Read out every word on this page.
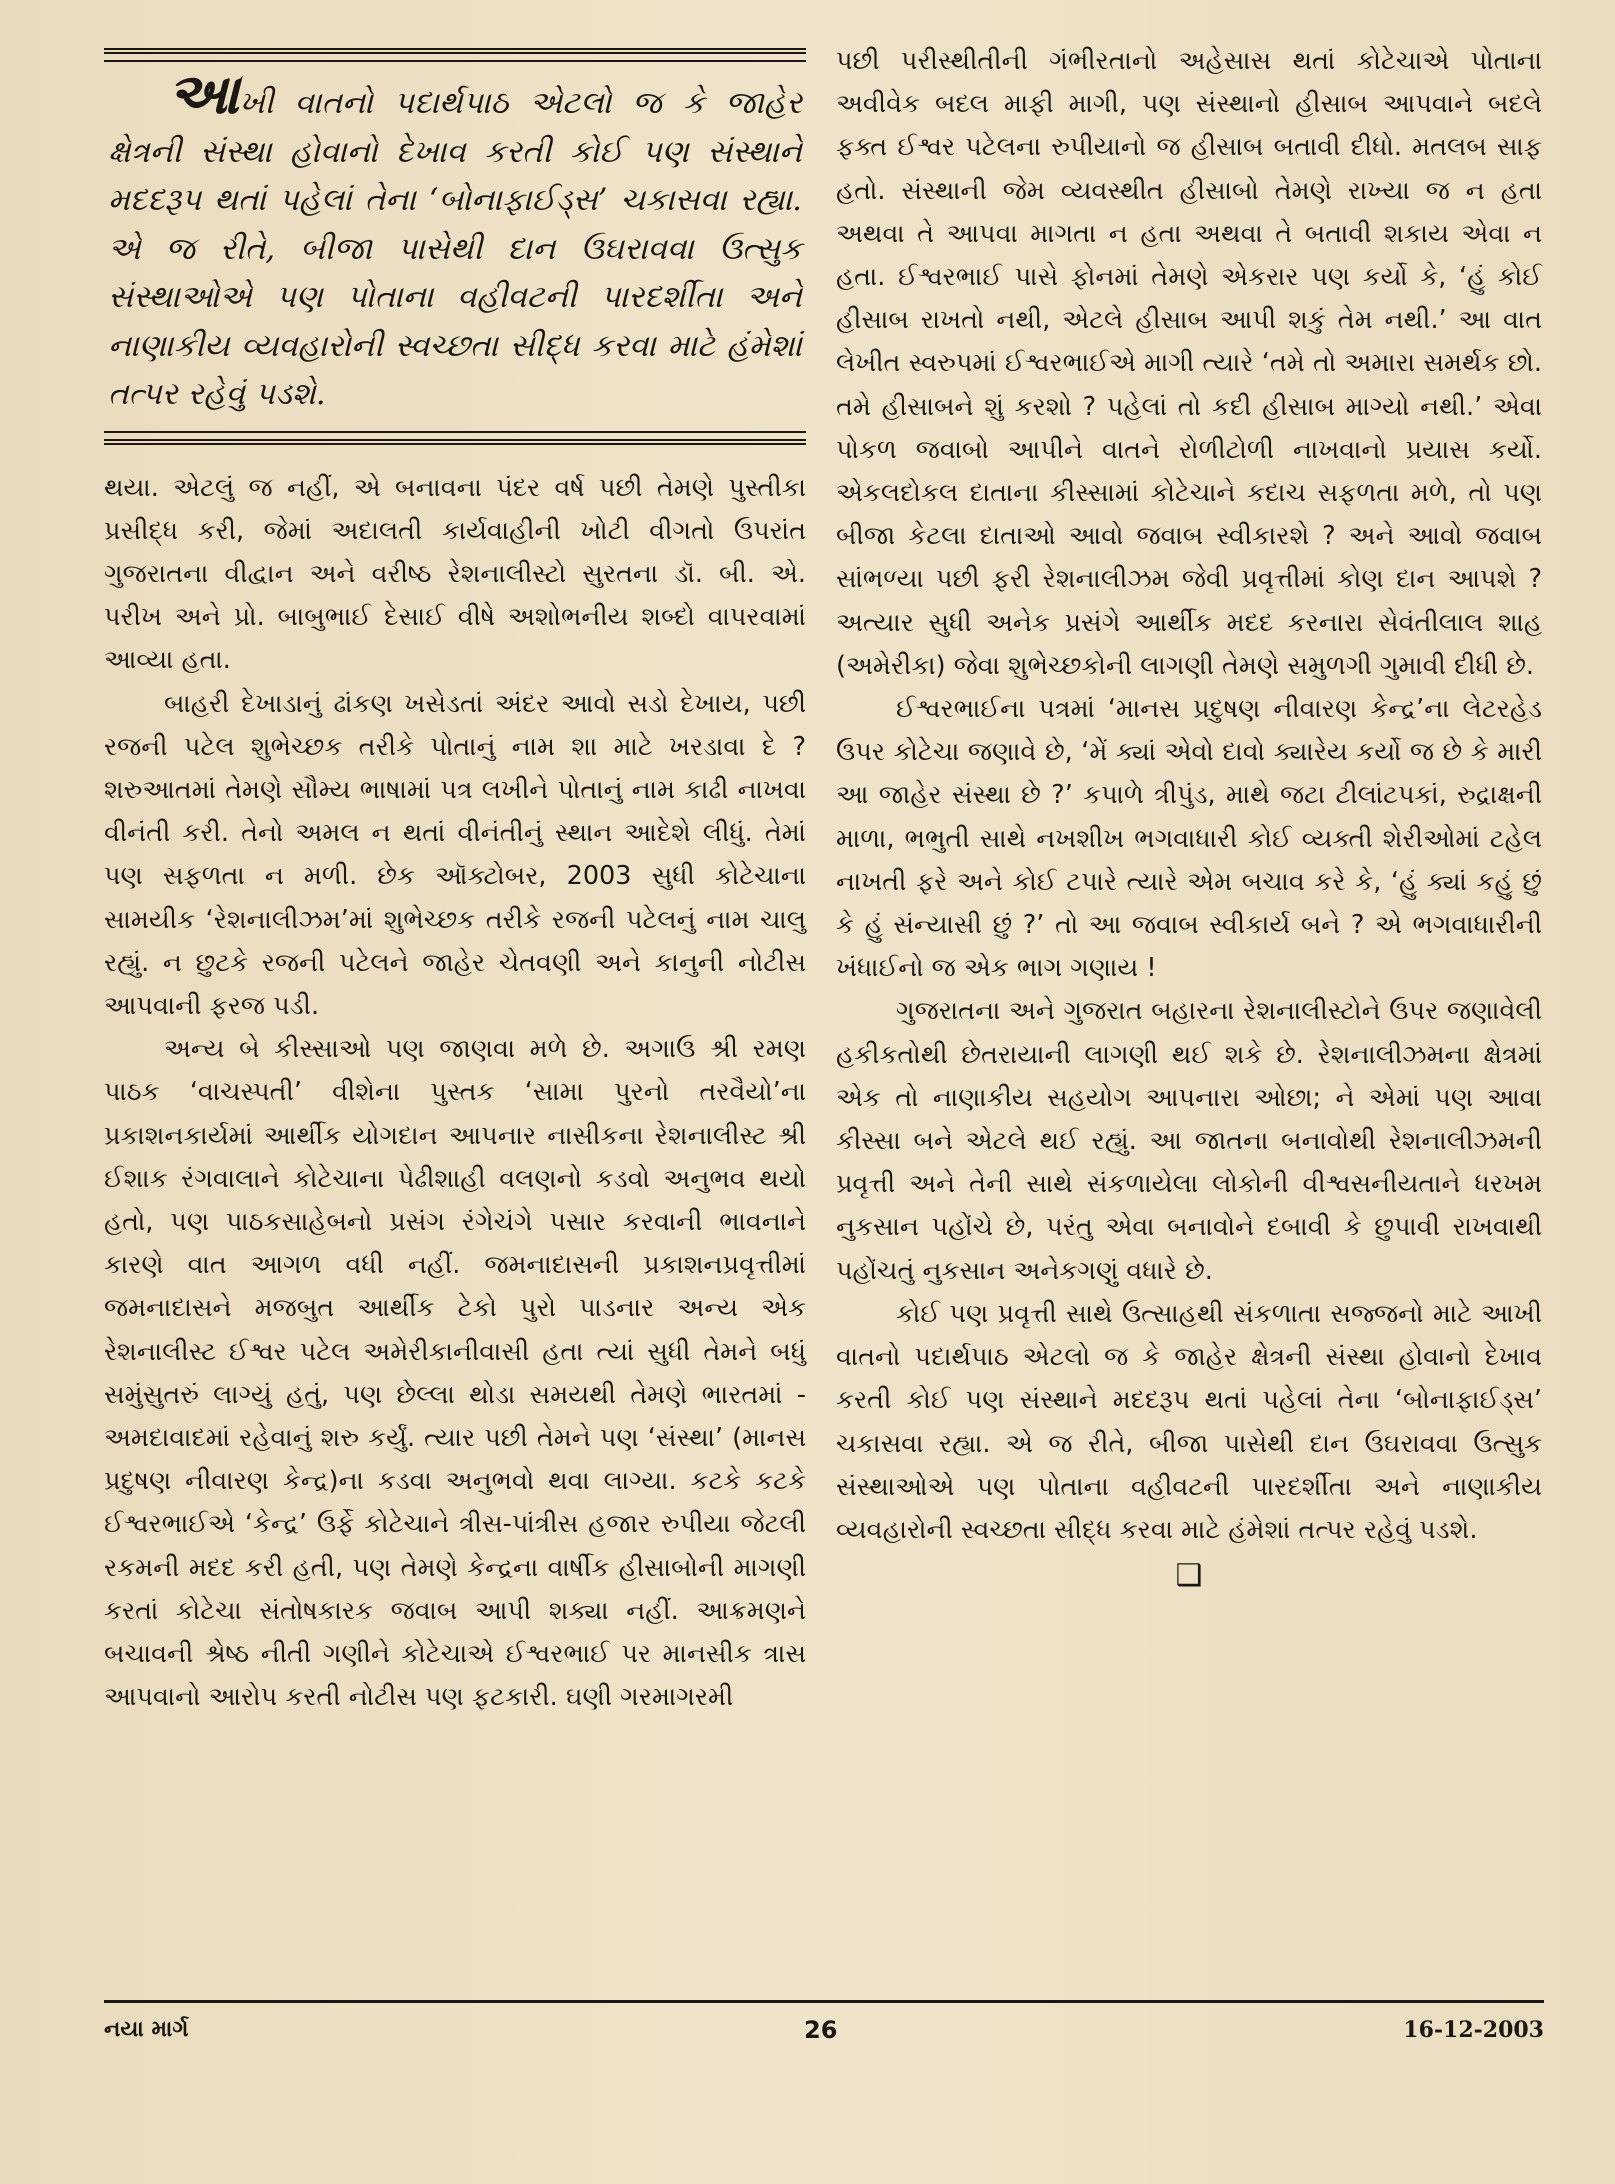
આખી વાતનો પદાર્થપાઠ એટલો જ કે જાહેર ક્ષેત્રની સંસ્થા હોવાનો દેખાવ કરતી કોઈ પણ સંસ્થાને મદદરૂપ થતાં પહેલાં તેના ‘બોનાફાઈડ્સ’ ચકાસવા રહ્યા. એ જ રીતે, બીજા પાસેથી દાન ઉઘરાવવા ઉત્સુક સંસ્થાઓએ પણ પોતાના વહીવટની પારદર્શીતા અને નાણાકીય વ્યવહારોની સ્વચ્છતા સીદ્ધ કરવા માટે હંમેશાં તત્પર રહેવું પડશે.

થયા. એટલું જ નહીં, એ બનાવના પંદર વર્ષ પછી તેમણે પુસ્તીકા પ્રસીદ્ધ કરી, જેમાં અદાલતી કાર્યવાહીની ખોટી વીગતો ઉપરાંત ગુજરાતના વીદ્વાન અને વરીષ્ઠ રેશનાલીસ્ટો સુરતના ડૉ. બી. એ. પરીખ અને પ્રો. બાબુભાઈ દેસાઈ વીષે અશોભનીય શબ્દો વાપરવામાં આવ્યા હતા.

બાહરી દેખાડાનું ઢાંકણ ખસેડતાં અંદર આવો સડો દેખાય, પછી રજની પટેલ શુભેચ્છક તરીકે પોતાનું નામ શા માટે ખરડાવા દે ? શરુઆતમાં તેમણે સૌમ્ય ભાષામાં પત્ર લખીને પોતાનું નામ કાઢી નાખવા વીનંતી કરી. તેનો અમલ ન થતાં વીનંતીનું સ્થાન આદેશે લીધું. તેમાં પણ સફળતા ન મળી. છેક ઑક્ટોબર, 2003 સુધી કોટેચાના સામયીક ‘રેશનાલીઝમ’માં શુભેચ્છક તરીકે રજની પટેલનું નામ ચાલુ રહ્યું. ન છુટકે રજની પટેલને જાહેર ચેતવણી અને કાનુની નોટીસ આપવાની ફરજ પડી.

અન્ય બે કીસ્સાઓ પણ જાણવા મળે છે. અગાઉ શ્રી રમણ પાઠક ‘વાચસ્પતી’ વીશેના પુસ્તક ‘સામા પુરનો તરવૈયો’ના પ્રકાશનકાર્યમાં આર્થીક યોગદાન આપનાર નાસીકના રેશનાલીસ્ટ શ્રી ઈશાક રંગવાલાને કોટેચાના પેઢીશાહી વલણનો કડવો અનુભવ થયો હતો, પણ પાઠકસાહેબનો પ્રસંગ રંગેચંગે પસાર કરવાની ભાવનાને કારણે વાત આગળ વધી નહીં. જમનાદાસની પ્રકાશનપ્રવૃત્તીમાં જમનાદાસને મજબુત આર્થીક ટેકો પુરો પાડનાર અન્ય એક રેશનાલીસ્ટ ઈશ્વર પટેલ અમેરીકાનીવાસી હતા ત્યાં સુધી તેમને બધું સમુંસુતરું લાગ્યું હતું, પણ છેલ્લા થોડા સમયથી તેમણે ભારતમાં - અમદાવાદમાં રહેવાનું શરુ કર્યું. ત્યાર પછી તેમને પણ ‘સંસ્થા’ (માનસ પ્રદુષણ નીવારણ કેન્દ્ર)ના કડવા અનુભવો થવા લાગ્યા. કટકે કટકે ઈશ્વરભાઈએ ‘કેન્દ્ર’ ઉર્ફે કોટેચાને ત્રીસ-પાંત્રીસ હજાર રુપીયા જેટલી રકમની મદદ કરી હતી, પણ તેમણે કેન્દ્રના વાર્ષીક હીસાબોની માગણી કરતાં કોટેચા સંતોષકારક જવાબ આપી શક્યા નહીં. આક્રમણને બચાવની શ્રેષ્ઠ નીતી ગણીને કોટેચાએ ઈશ્વરભાઈ પર માનસીક ત્રાસ આપવાનો આરોપ કરતી નોટીસ પણ ફટકારી. ઘણી ગરમાગરમી

પછી પરીસ્થીતીની ગંભીરતાનો અહેસાસ થતાં કોટેચાએ પોતાના અવીવેક બદલ માફી માગી, પણ સંસ્થાનો હીસાબ આપવાને બદલે ફક્ત ઈશ્વર પટેલના રુપીયાનો જ હીસાબ બતાવી દીધો. મતલબ સાફ હતો. સંસ્થાની જેમ વ્યવસ્થીત હીસાબો તેમણે રાખ્યા જ ન હતા અથવા તે આપવા માગતા ન હતા અથવા તે બતાવી શકાય એવા ન હતા. ઈશ્વરભાઈ પાસે ફોનમાં તેમણે એકરાર પણ કર્યો કે, ‘હું કોઈ હીસાબ રાખતો નથી, એટલે હીસાબ આપી શકું તેમ નથી.’ આ વાત લેખીત સ્વરુપમાં ઈશ્વરભાઈએ માગી ત્યારે ‘તમે તો અમારા સમર્થક છો. તમે હીસાબને શું કરશો ? પહેલાં તો કદી હીસાબ માગ્યો નથી.’ એવા પોકળ જવાબો આપીને વાતને રોળીટોળી નાખવાનો પ્રયાસ કર્યો. એકલદોકલ દાતાના કીસ્સામાં કોટેચાને કદાચ સફળતા મળે, તો પણ બીજા કેટલા દાતાઓ આવો જવાબ સ્વીકારશે ? અને આવો જવાબ સાંભળ્યા પછી ફરી રેશનાલીઝમ જેવી પ્રવૃત્તીમાં કોણ દાન આપશે ? અત્યાર સુધી અનેક પ્રસંગે આર્થીક મદદ કરનારા સેવંતીલાલ શાહ (અમેરીકા) જેવા શુભેચ્છકોની લાગણી તેમણે સમુળગી ગુમાવી દીધી છે.

ઈશ્વરભાઈના પત્રમાં ‘માનસ પ્રદુષણ નીવારણ કેન્દ્ર’ના લેટરહેડ ઉપર કોટેચા જણાવે છે, ‘મેં ક્યાં એવો દાવો ક્યારેય કર્યો જ છે કે મારી આ જાહેર સંસ્થા છે ?’ કપાળે ત્રીપુંડ, માથે જટા ટીલાંટપકાં, રુદ્રાક્ષની માળા, ભભુતી સાથે નખશીખ ભગવાધારી કોઈ વ્યક્તી શેરીઓમાં ટહેલ નાખતી ફરે અને કોઈ ટપારે ત્યારે એમ બચાવ કરે કે, ‘હું ક્યાં કહું છું કે હું સંન્યાસી છું ?’ તો આ જવાબ સ્વીકાર્ય બને ? એ ભગવાધારીની ખંધાઈનો જ એક ભાગ ગણાય !

ગુજરાતના અને ગુજરાત બહારના રેશનાલીસ્ટોને ઉપર જણાવેલી હકીકતોથી છેતરાયાની લાગણી થઈ શકે છે. રેશનાલીઝમના ક્ષેત્રમાં એક તો નાણાકીય સહયોગ આપનારા ઓછા; ને એમાં પણ આવા કીસ્સા બને એટલે થઈ રહ્યું. આ જાતના બનાવોથી રેશનાલીઝમની પ્રવૃત્તી અને તેની સાથે સંકળાયેલા લોકોની વીશ્વસનીયતાને ધરખમ નુકસાન પહોંચે છે, પરંતુ એવા બનાવોને દબાવી કે છુપાવી રાખવાથી પહોંચતું નુકસાન અનેકગણું વધારે છે.

કોઈ પણ પ્રવૃત્તી સાથે ઉત્સાહથી સંકળાતા સજ્જનો માટે આખી વાતનો પદાર્થપાઠ એટલો જ કે જાહેર ક્ષેત્રની સંસ્થા હોવાનો દેખાવ કરતી કોઈ પણ સંસ્થાને મદદરૂપ થતાં પહેલાં તેના ‘બોનાફાઈડ્સ’ ચકાસવા રહ્યા. એ જ રીતે, બીજા પાસેથી દાન ઉઘરાવવા ઉત્સુક સંસ્થાઓએ પણ પોતાના વહીવટની પારદર્શીતા અને નાણાકીય વ્યવહારોની સ્વચ્છતા સીદ્ધ કરવા માટે હંમેશાં તત્પર રહેવું પડશે.

❑
નયા માર્ગ	26	16-12-2003
